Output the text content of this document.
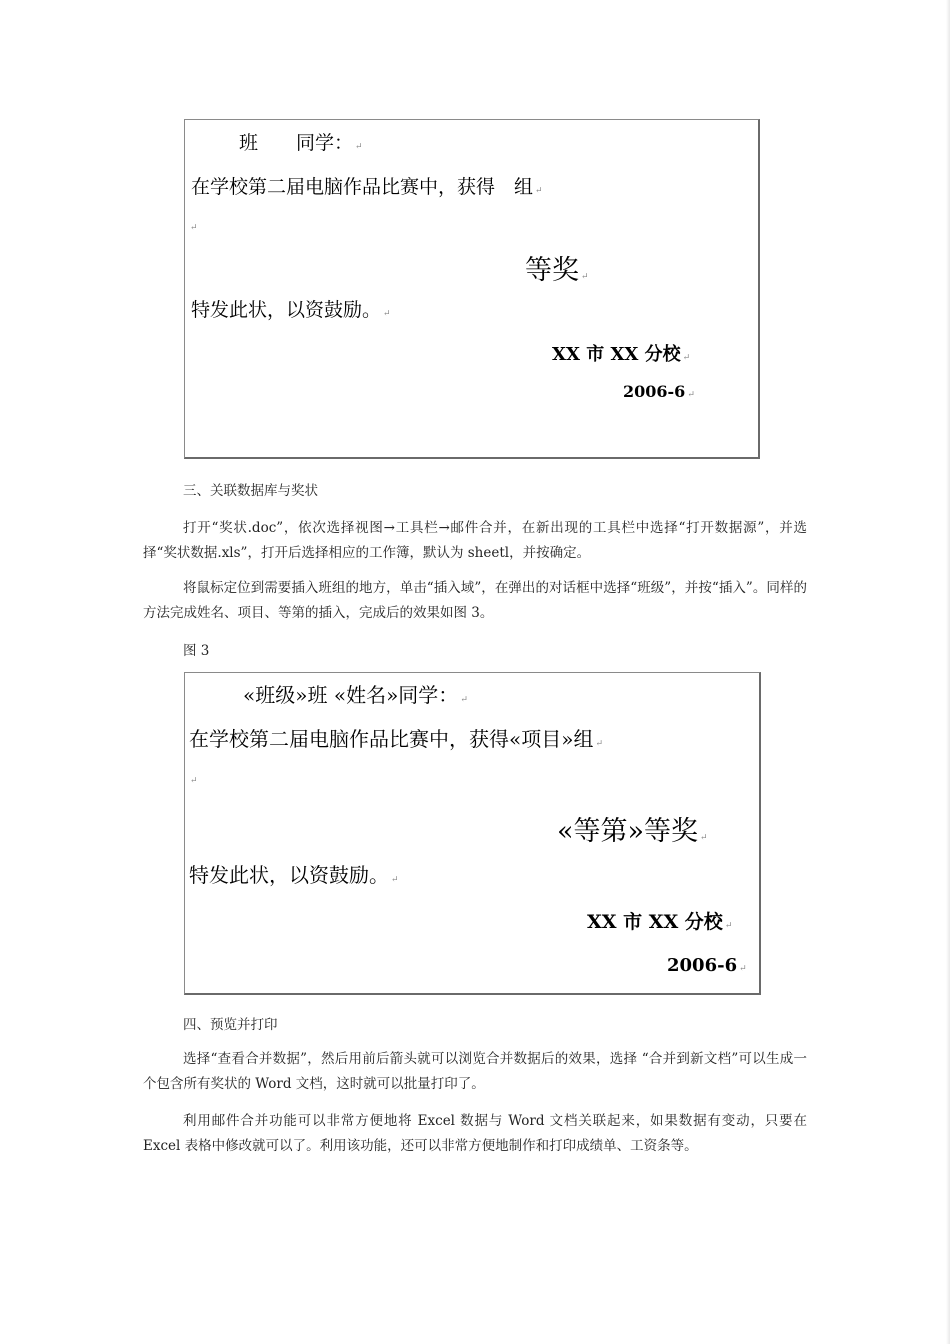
班　　同学： ↵
在学校第二届电脑作品比赛中，获得　组 ↵
↵
等奖 ↵
特发此状，以资鼓励。 ↵
XX 市 XX 分校 ↵
2006-6 ↵

三、关联数据库与奖状

打开“奖状.doc”，依次选择视图→工具栏→邮件合并，在新出现的工具栏中选择“打开数据源”，并选择“奖状数据.xls”，打开后选择相应的工作簿，默认为 sheetl，并按确定。

将鼠标定位到需要插入班组的地方，单击“插入域”，在弹出的对话框中选择“班级”，并按“插入”。同样的方法完成姓名、项目、等第的插入，完成后的效果如图 3。

图 3

«班级»班 «姓名»同学： ↵
在学校第二届电脑作品比赛中，获得«项目»组 ↵
↵
«等第»等奖 ↵
特发此状，以资鼓励。 ↵
XX 市 XX 分校 ↵
2006-6 ↵

四、预览并打印

选择“查看合并数据”，然后用前后箭头就可以浏览合并数据后的效果，选择 “合并到新文档”可以生成一个包含所有奖状的 Word 文档，这时就可以批量打印了。

利用邮件合并功能可以非常方便地将 Excel 数据与 Word 文档关联起来，如果数据有变动，只要在 Excel 表格中修改就可以了。利用该功能，还可以非常方便地制作和打印成绩单、工资条等。
